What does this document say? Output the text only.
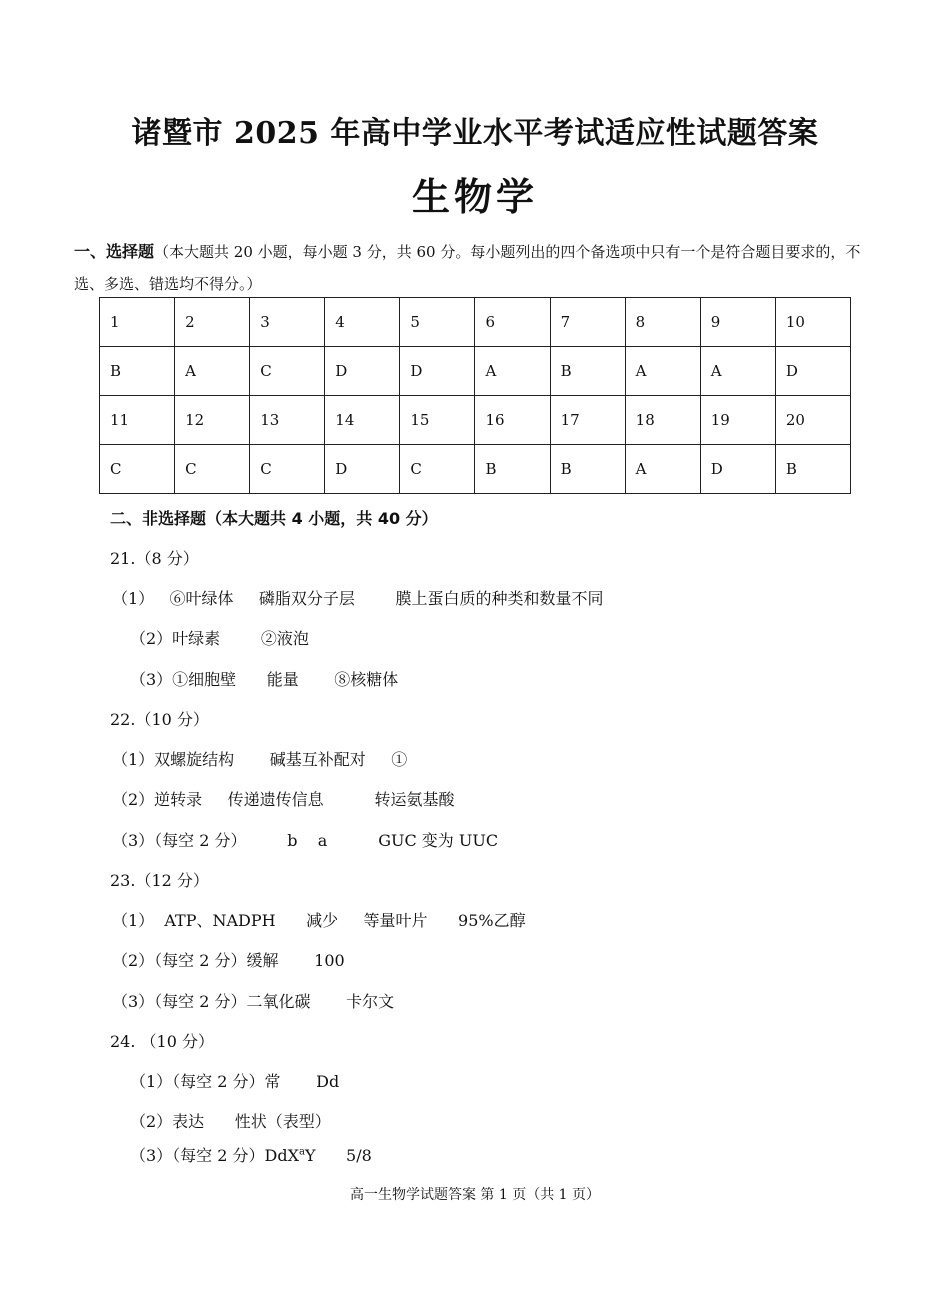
诸暨市 2025 年高中学业水平考试适应性试题答案
生物学
一、选择题（本大题共 20 小题，每小题 3 分，共 60 分。每小题列出的四个备选项中只有一个是符合题目要求的，不选、多选、错选均不得分。）
1	2	3	4	5	6	7	8	9	10
B	A	C	D	D	A	B	A	A	D
11	12	13	14	15	16	17	18	19	20
C	C	C	D	C	B	B	A	D	B
二、非选择题（本大题共 4 小题，共 40 分）
21.（8 分）
（1）   ⑥叶绿体     磷脂双分子层        膜上蛋白质的种类和数量不同
（2）叶绿素        ②液泡
（3）①细胞壁      能量       ⑧核糖体
22.（10 分）
（1）双螺旋结构       碱基互补配对     ①
（2）逆转录     传递遗传信息          转运氨基酸
（3）（每空 2 分）        b    a          GUC 变为 UUC
23.（12 分）
（1）  ATP、NADPH      减少     等量叶片      95%乙醇
（2）（每空 2 分）缓解       100
（3）（每空 2 分）二氧化碳       卡尔文
24. （10 分）
（1）（每空 2 分）常       Dd
（2）表达      性状（表型）
（3）（每空 2 分）DdX$^a$Y      5/8
高一生物学试题答案 第 1 页（共 1 页）
